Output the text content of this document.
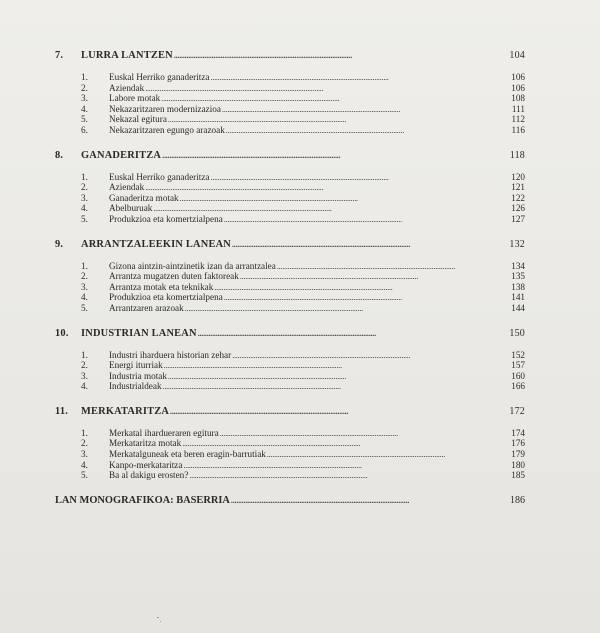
7.	LURRA LANTZEN . . .	104
1.	Euskal Herriko ganaderitza . . .	106
2.	Aziendak . . .	106
3.	Labore motak . . .	108
4.	Nekazaritzaren modernizazioa . . .	111
5.	Nekazal egitura . . .	112
6.	Nekazaritzaren egungo arazoak . . .	116
8.	GANADERITZA . . .	118
1.	Euskal Herriko ganaderitza . . .	120
2.	Aziendak . . .	121
3.	Ganaderitza motak . . .	122
4.	Abelburuak . . .	126
5.	Produkzioa eta komertzialpena . . .	127
9.	ARRANTZALEEKIN LANEAN . . .	132
1.	Gizona aintzin-aintzinetik izan da arrantzalea . . .	134
2.	Arrantza mugatzen duten faktoreak . . .	135
3.	Arrantza motak eta teknikak . . .	138
4.	Produkzioa eta komertzialpena . . .	141
5.	Arrantzaren arazoak . . .	144
10.	INDUSTRIAN LANEAN . . .	150
1.	Industri iharduera historian zehar . . .	152
2.	Energi iturriak . . .	157
3.	Industria motak . . .	160
4.	Industrialdeak . . .	166
11.	MERKATARITZA . . .	172
1.	Merkatal ihardueraren egitura . . .	174
2.	Merkataritza motak . . .	176
3.	Merkatalguneak eta beren eragin-barrutiak . . .	179
4.	Kanpo-merkataritza . . .	180
5.	Ba al dakigu erosten? . . .	185
LAN MONOGRAFIKOA: BASERRIA . . .	186
